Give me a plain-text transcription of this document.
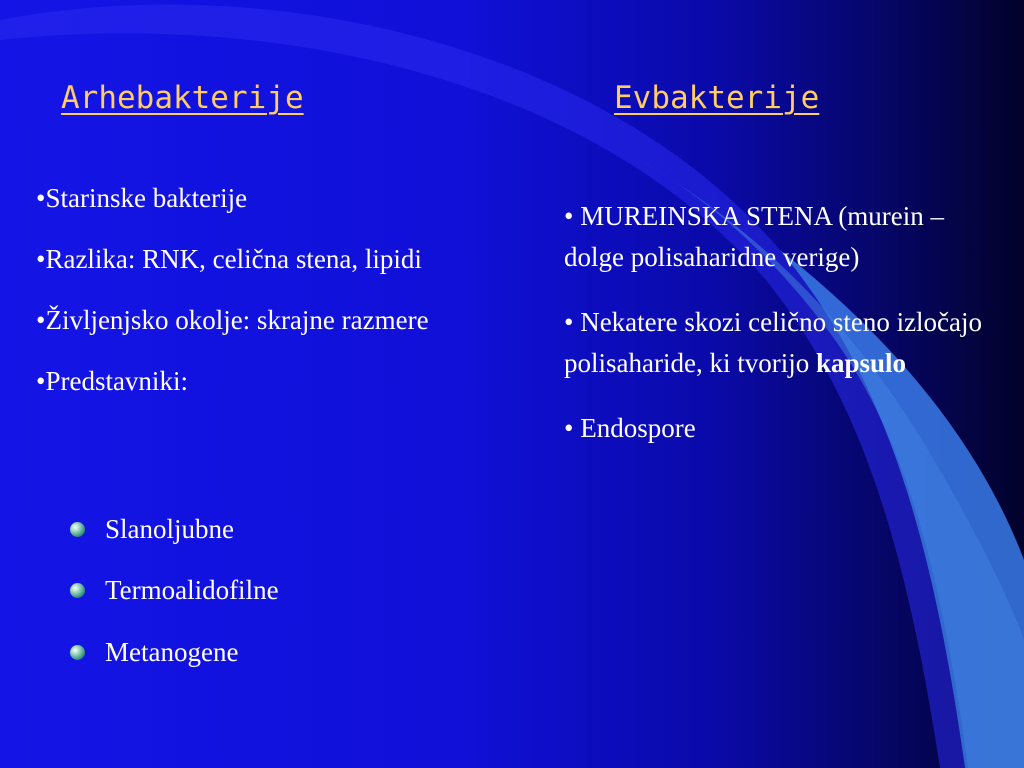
Arhebakterije	Evbakterije

•Starinske bakterije

•Razlika: RNK, celična stena, lipidi

•Življenjsko okolje: skrajne razmere

•Predstavniki:

Slanoljubne
Termoalidofilne
Metanogene

• MUREINSKA STENA (murein –dolge polisaharidne verige)

• Nekatere skozi celično steno izločajo polisaharide, ki tvorijo kapsulo

• Endospore
